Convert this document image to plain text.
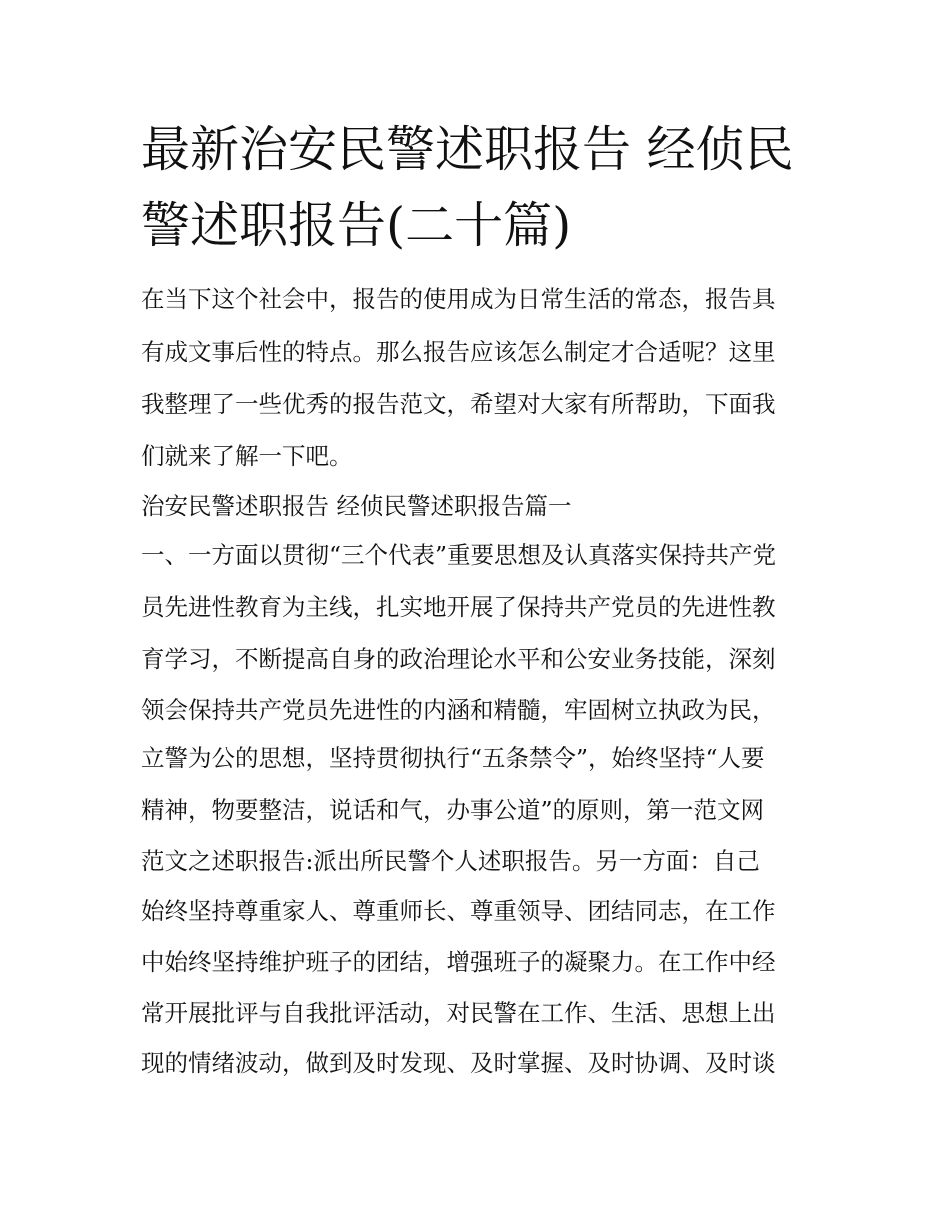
最新治安民警述职报告 经侦民
警述职报告(二十篇)
在当下这个社会中，报告的使用成为日常生活的常态，报告具
有成文事后性的特点。那么报告应该怎么制定才合适呢？这里
我整理了一些优秀的报告范文，希望对大家有所帮助，下面我
们就来了解一下吧。
治安民警述职报告 经侦民警述职报告篇一
一、一方面以贯彻“三个代表”重要思想及认真落实保持共产党
员先进性教育为主线，扎实地开展了保持共产党员的先进性教
育学习，不断提高自身的政治理论水平和公安业务技能，深刻
领会保持共产党员先进性的内涵和精髓，牢固树立执政为民，
立警为公的思想，坚持贯彻执行“五条禁令”，始终坚持“人要
精神，物要整洁，说话和气，办事公道”的原则，第一范文网
范文之述职报告:派出所民警个人述职报告。另一方面：自己
始终坚持尊重家人、尊重师长、尊重领导、团结同志，在工作
中始终坚持维护班子的团结，增强班子的凝聚力。在工作中经
常开展批评与自我批评活动，对民警在工作、生活、思想上出
现的情绪波动，做到及时发现、及时掌握、及时协调、及时谈
